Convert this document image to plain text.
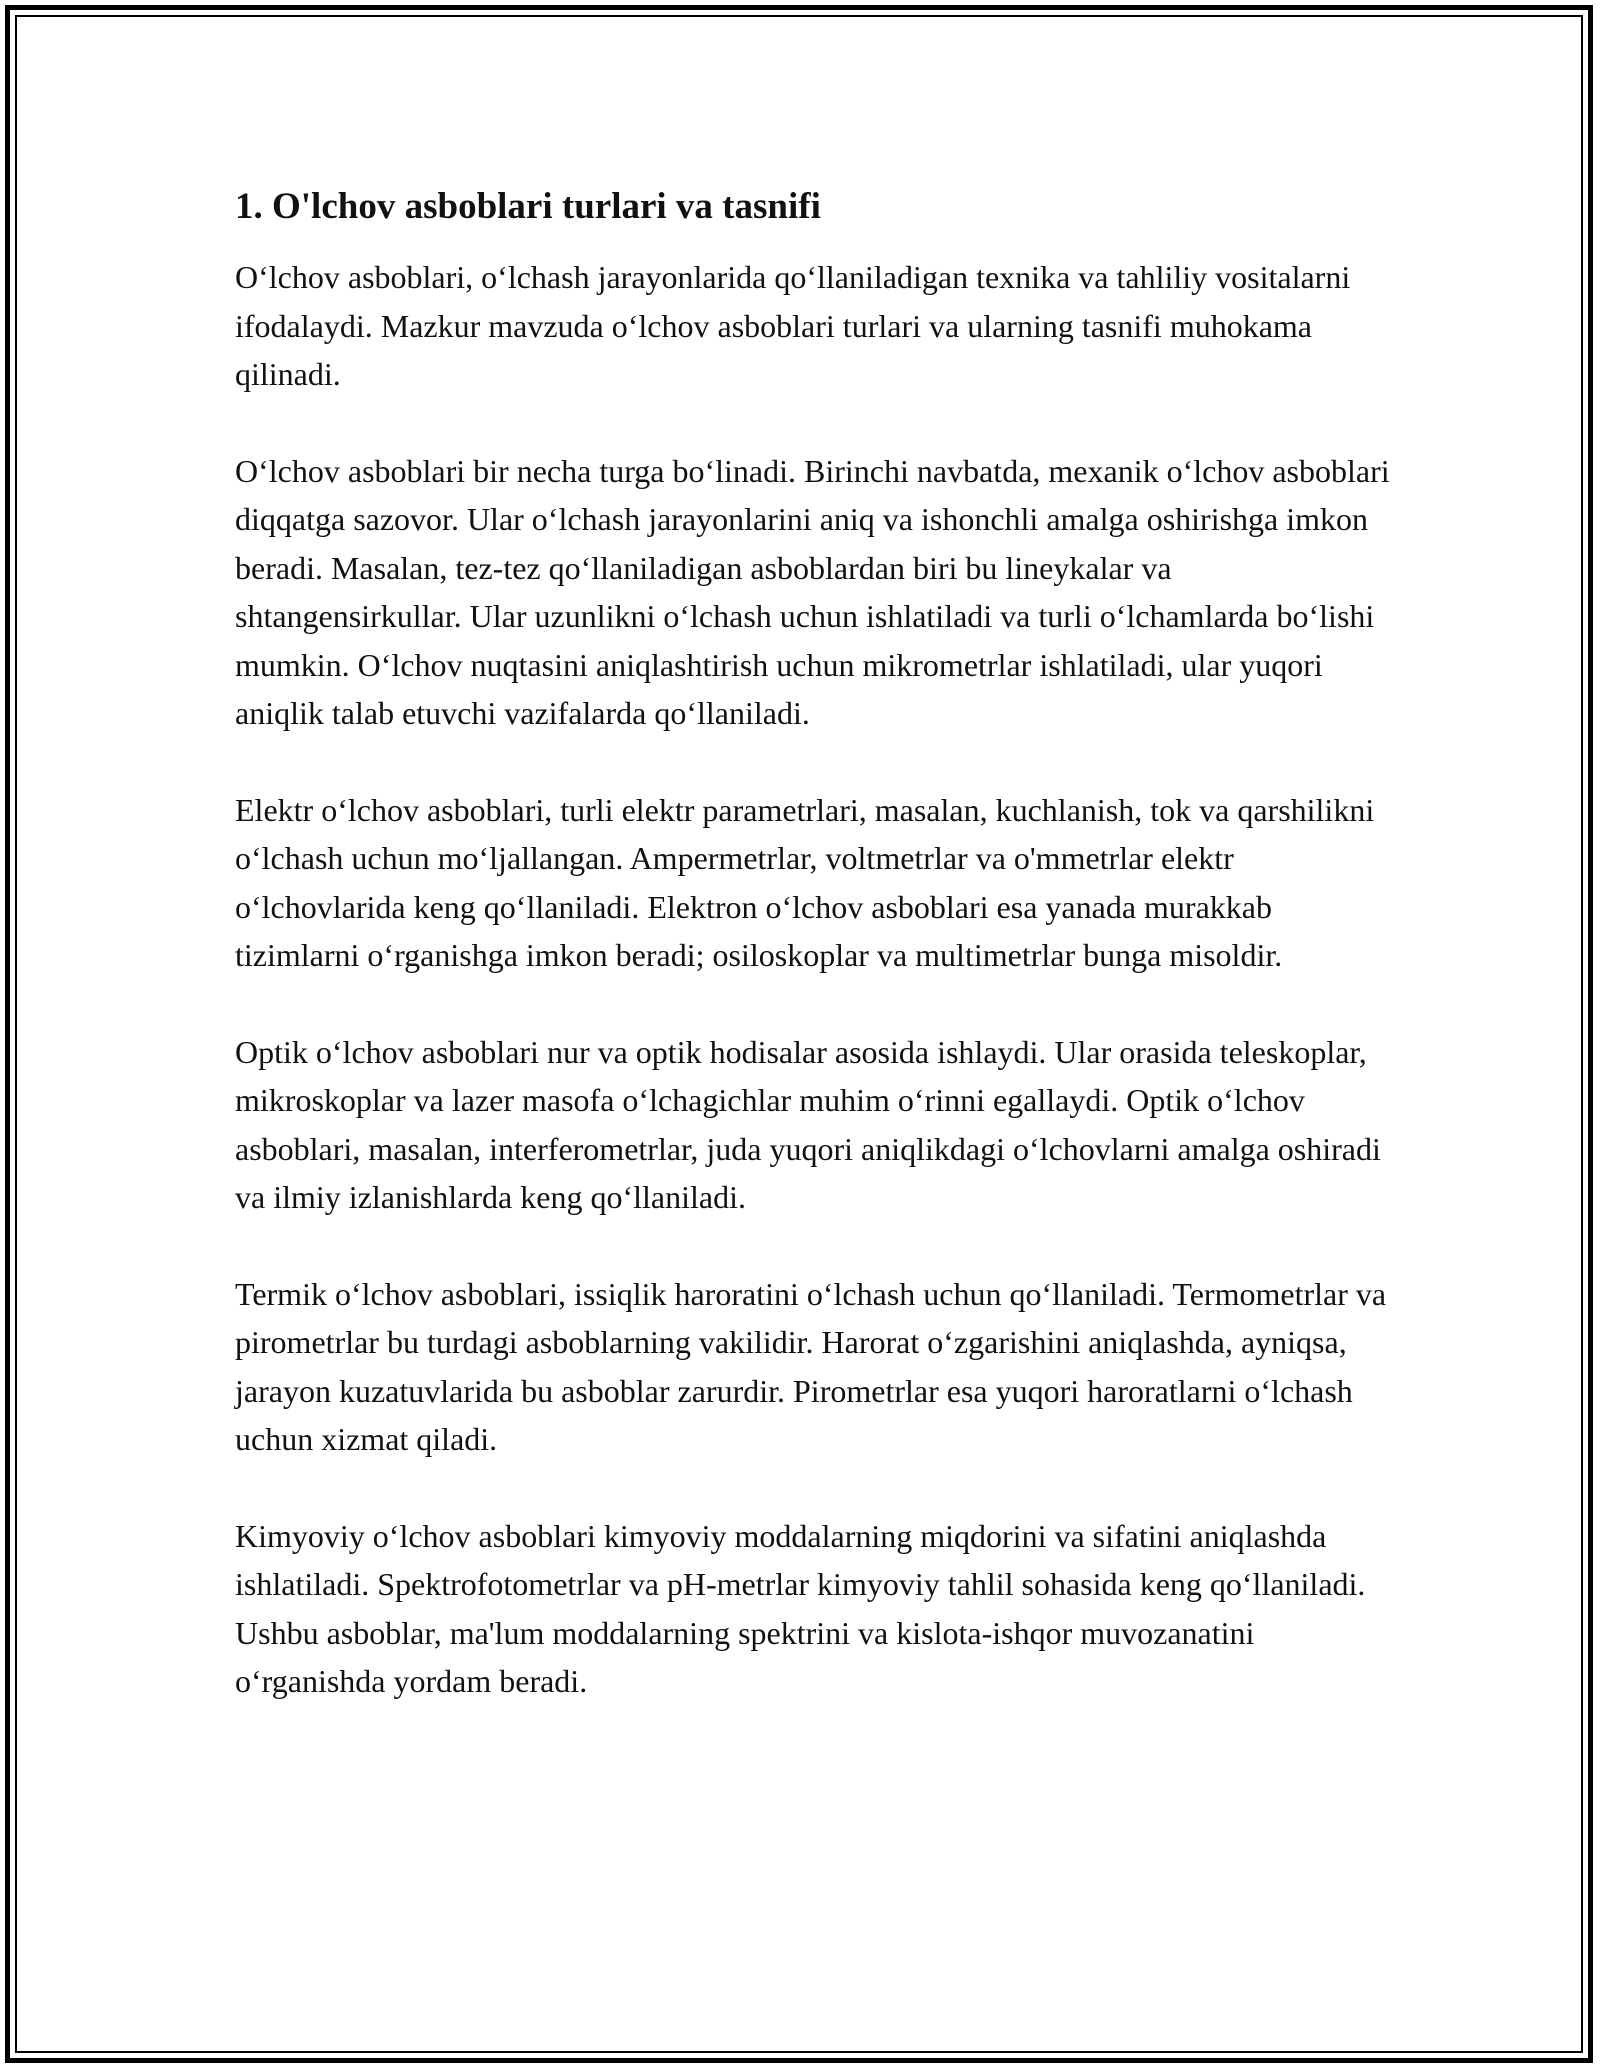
1. O'lchov asboblari turlari va tasnifi

Oʻlchov asboblari, oʻlchash jarayonlarida qoʻllaniladigan texnika va tahliliy vositalarni ifodalaydi. Mazkur mavzuda oʻlchov asboblari turlari va ularning tasnifi muhokama qilinadi.

Oʻlchov asboblari bir necha turga boʻlinadi. Birinchi navbatda, mexanik oʻlchov asboblari diqqatga sazovor. Ular oʻlchash jarayonlarini aniq va ishonchli amalga oshirishga imkon beradi. Masalan, tez-tez qoʻllaniladigan asboblardan biri bu lineykalar va shtangensirkullar. Ular uzunlikni oʻlchash uchun ishlatiladi va turli oʻlchamlarda boʻlishi mumkin. Oʻlchov nuqtasini aniqlashtirish uchun mikrometrlar ishlatiladi, ular yuqori aniqlik talab etuvchi vazifalarda qoʻllaniladi.

Elektr oʻlchov asboblari, turli elektr parametrlari, masalan, kuchlanish, tok va qarshilikni oʻlchash uchun moʻljallangan. Ampermetrlar, voltmetrlar va o'mmetrlar elektr oʻlchovlarida keng qoʻllaniladi. Elektron oʻlchov asboblari esa yanada murakkab tizimlarni oʻrganishga imkon beradi; osiloskoplar va multimetrlar bunga misoldir.

Optik oʻlchov asboblari nur va optik hodisalar asosida ishlaydi. Ular orasida teleskoplar, mikroskoplar va lazer masofa oʻlchagichlar muhim oʻrinni egallaydi. Optik oʻlchov asboblari, masalan, interferometrlar, juda yuqori aniqlikdagi oʻlchovlarni amalga oshiradi va ilmiy izlanishlarda keng qoʻllaniladi.

Termik oʻlchov asboblari, issiqlik haroratini oʻlchash uchun qoʻllaniladi. Termometrlar va pirometrlar bu turdagi asboblarning vakilidir. Harorat oʻzgarishini aniqlashda, ayniqsa, jarayon kuzatuvlarida bu asboblar zarurdir. Pirometrlar esa yuqori haroratlarni oʻlchash uchun xizmat qiladi.

Kimyoviy oʻlchov asboblari kimyoviy moddalarning miqdorini va sifatini aniqlashda ishlatiladi. Spektrofotometrlar va pH-metrlar kimyoviy tahlil sohasida keng qoʻllaniladi. Ushbu asboblar, ma'lum moddalarning spektrini va kislota-ishqor muvozanatini oʻrganishda yordam beradi.
